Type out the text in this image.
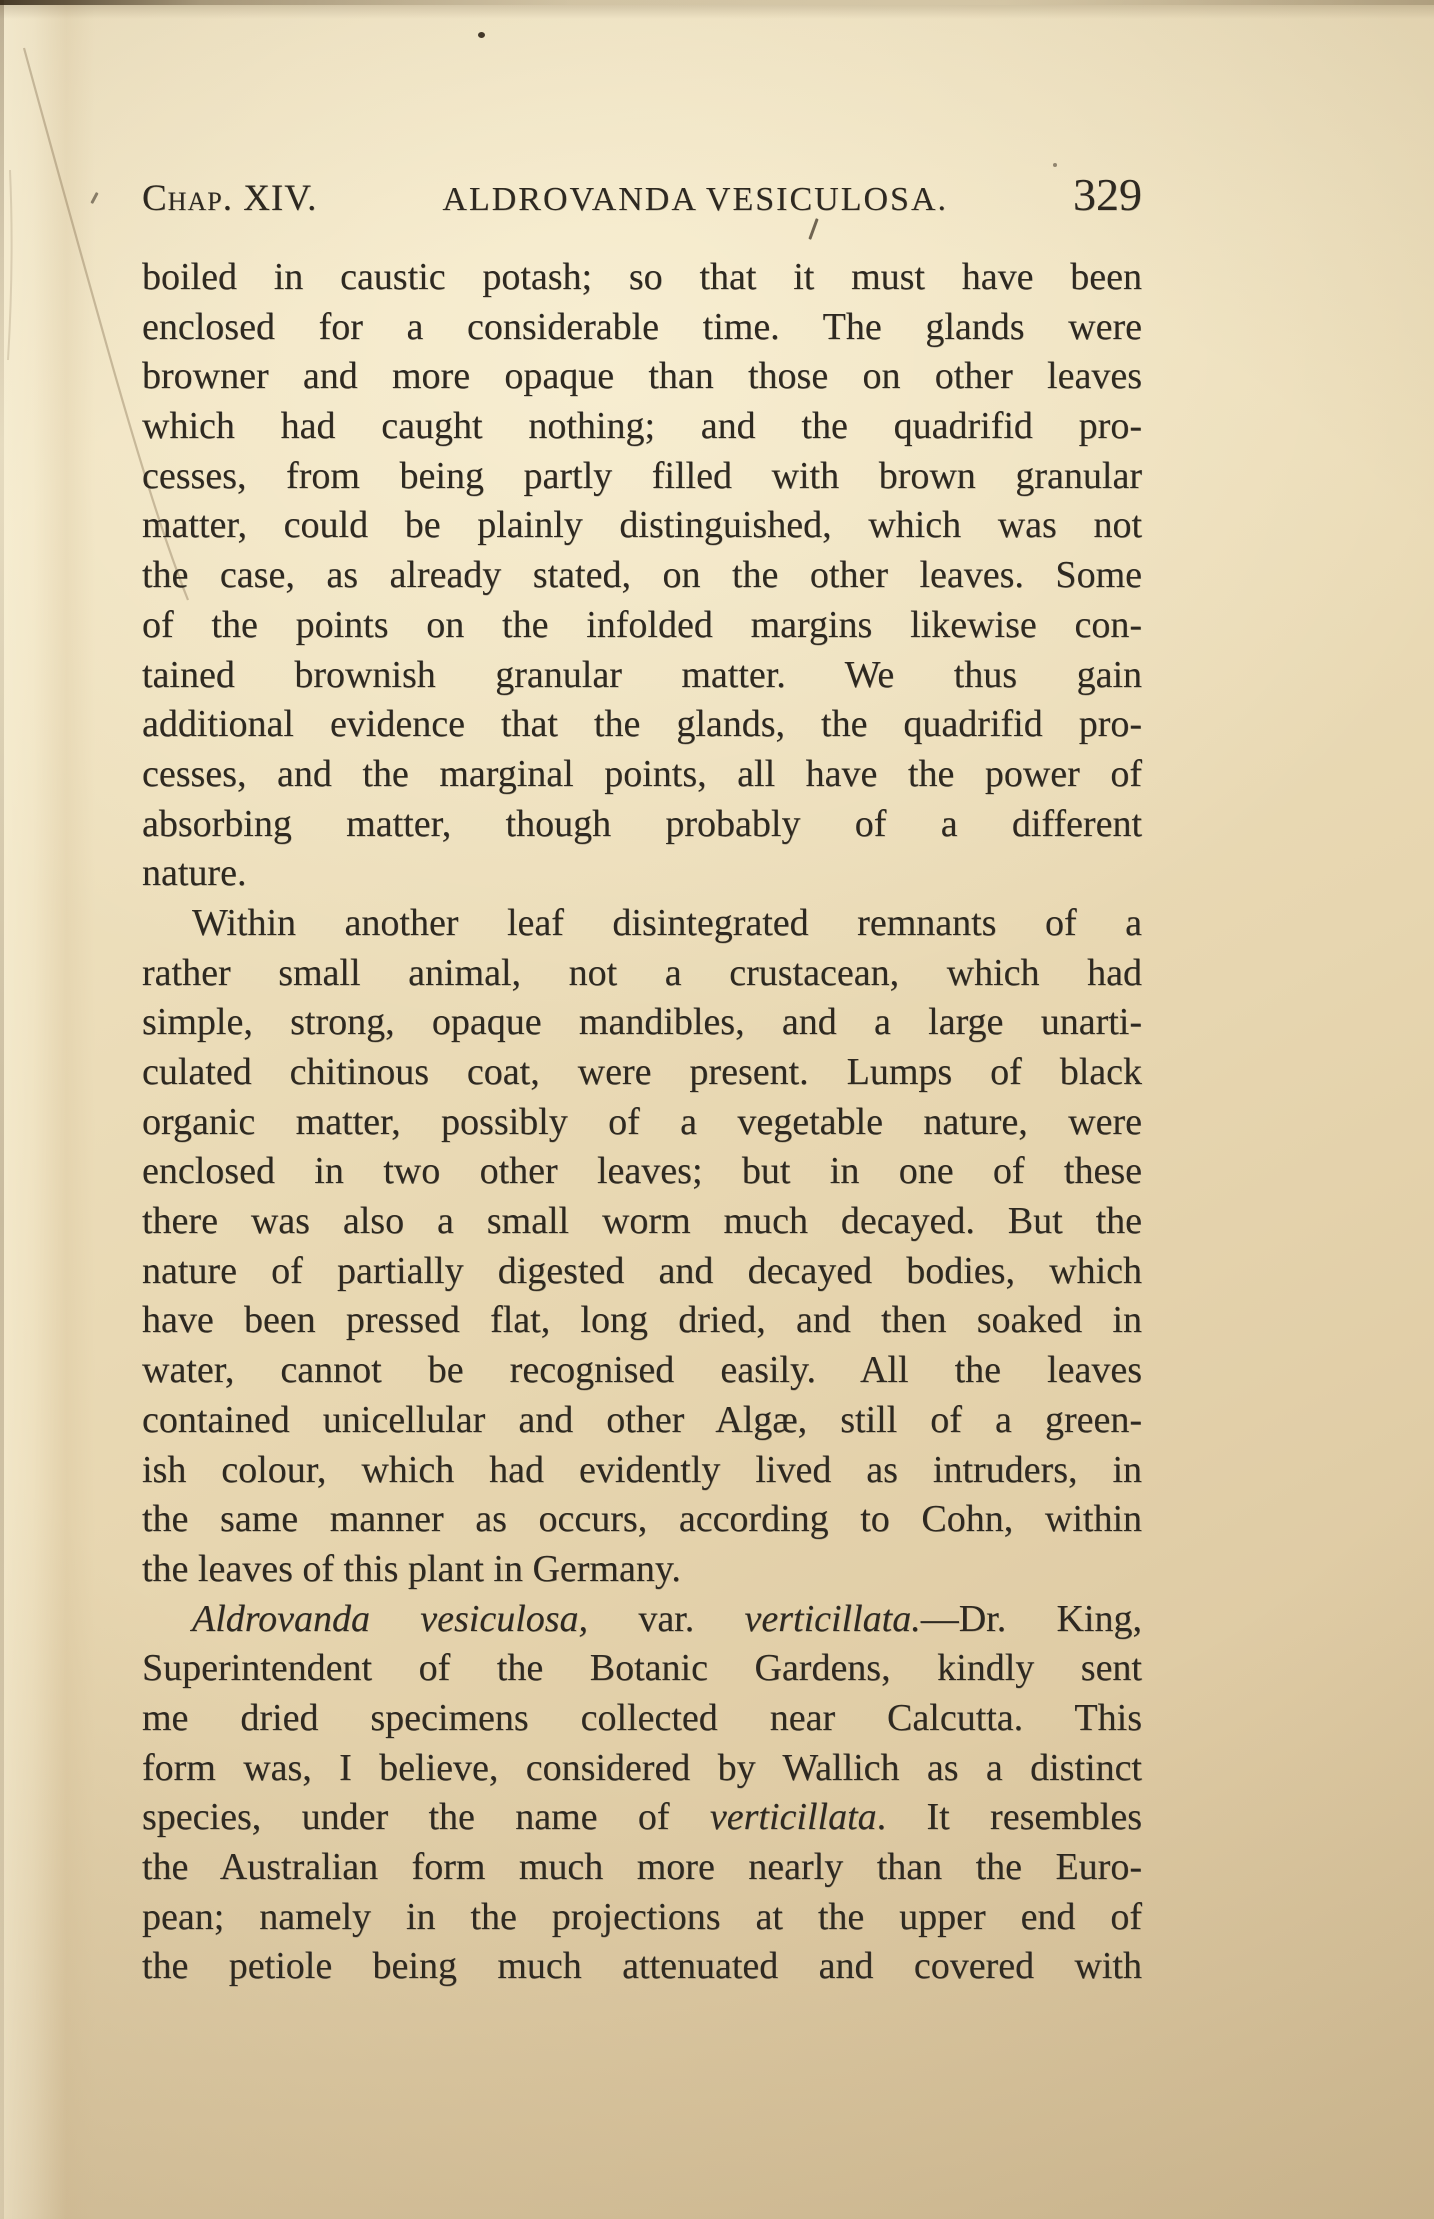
Chap. XIV.	ALDROVANDA VESICULOSA.	329
boiled in caustic potash; so that it must have been
enclosed for a considerable time. The glands were
browner and more opaque than those on other leaves
which had caught nothing; and the quadrifid pro-
cesses, from being partly filled with brown granular
matter, could be plainly distinguished, which was not
the case, as already stated, on the other leaves. Some
of the points on the infolded margins likewise con-
tained brownish granular matter. We thus gain
additional evidence that the glands, the quadrifid pro-
cesses, and the marginal points, all have the power of
absorbing matter, though probably of a different
nature.
Within another leaf disintegrated remnants of a
rather small animal, not a crustacean, which had
simple, strong, opaque mandibles, and a large unarti-
culated chitinous coat, were present. Lumps of black
organic matter, possibly of a vegetable nature, were
enclosed in two other leaves; but in one of these
there was also a small worm much decayed. But the
nature of partially digested and decayed bodies, which
have been pressed flat, long dried, and then soaked in
water, cannot be recognised easily. All the leaves
contained unicellular and other Algæ, still of a green-
ish colour, which had evidently lived as intruders, in
the same manner as occurs, according to Cohn, within
the leaves of this plant in Germany.
Aldrovanda vesiculosa, var. verticillata.—Dr. King,
Superintendent of the Botanic Gardens, kindly sent
me dried specimens collected near Calcutta. This
form was, I believe, considered by Wallich as a distinct
species, under the name of verticillata. It resembles
the Australian form much more nearly than the Euro-
pean; namely in the projections at the upper end of
the petiole being much attenuated and covered with
